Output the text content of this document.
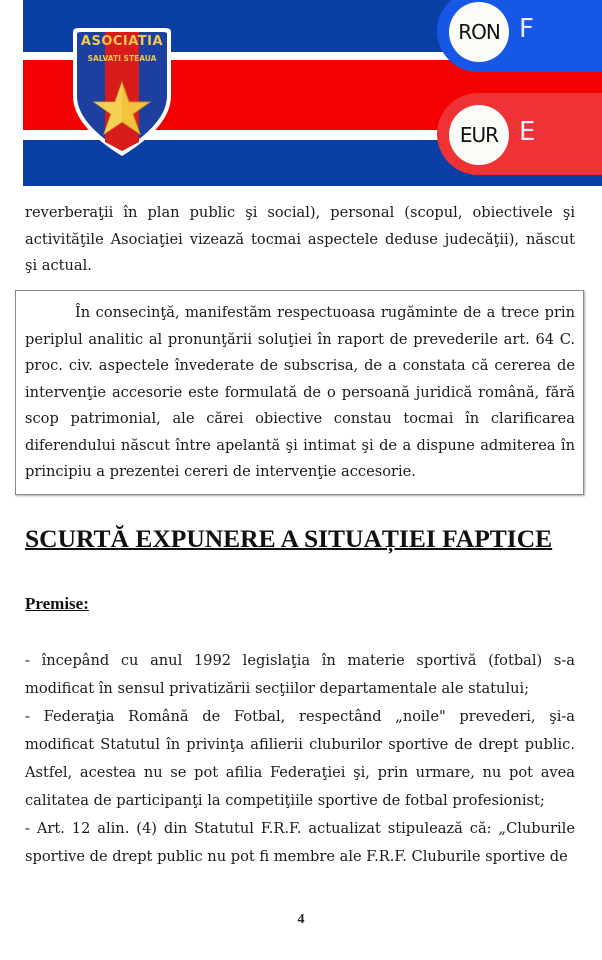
ASOCIATIA
SALVATI STEAUA
RON F
EUR E
reverberaţii în plan public şi social), personal (scopul, obiectivele şi activităţile Asociaţiei vizează tocmai aspectele deduse judecăţii), născut şi actual.
În consecinţă, manifestăm respectuoasa rugăminte de a trece prin periplul analitic al pronunţării soluţiei în raport de prevederile art. 64 C. proc. civ. aspectele învederate de subscrisa, de a constata că cererea de intervenţie accesorie este formulată de o persoană juridică română, fără scop patrimonial, ale cărei obiective constau tocmai în clarificarea diferendului născut între apelantă şi intimat şi de a dispune admiterea în principiu a prezentei cereri de intervenţie accesorie.
SCURTĂ EXPUNERE A SITUAȚIEI FAPTICE
Premise:
- începând cu anul 1992 legislaţia în materie sportivă (fotbal) s-a modificat în sensul privatizării secţiilor departamentale ale statului;
- Federaţia Română de Fotbal, respectând „noile" prevederi, şi-a modificat Statutul în privinţa afilierii cluburilor sportive de drept public. Astfel, acestea nu se pot afilia Federaţiei şi, prin urmare, nu pot avea calitatea de participanţi la competiţiile sportive de fotbal profesionist;
- Art. 12 alin. (4) din Statutul F.R.F. actualizat stipulează că: „Cluburile sportive de drept public nu pot fi membre ale F.R.F. Cluburile sportive de
4
